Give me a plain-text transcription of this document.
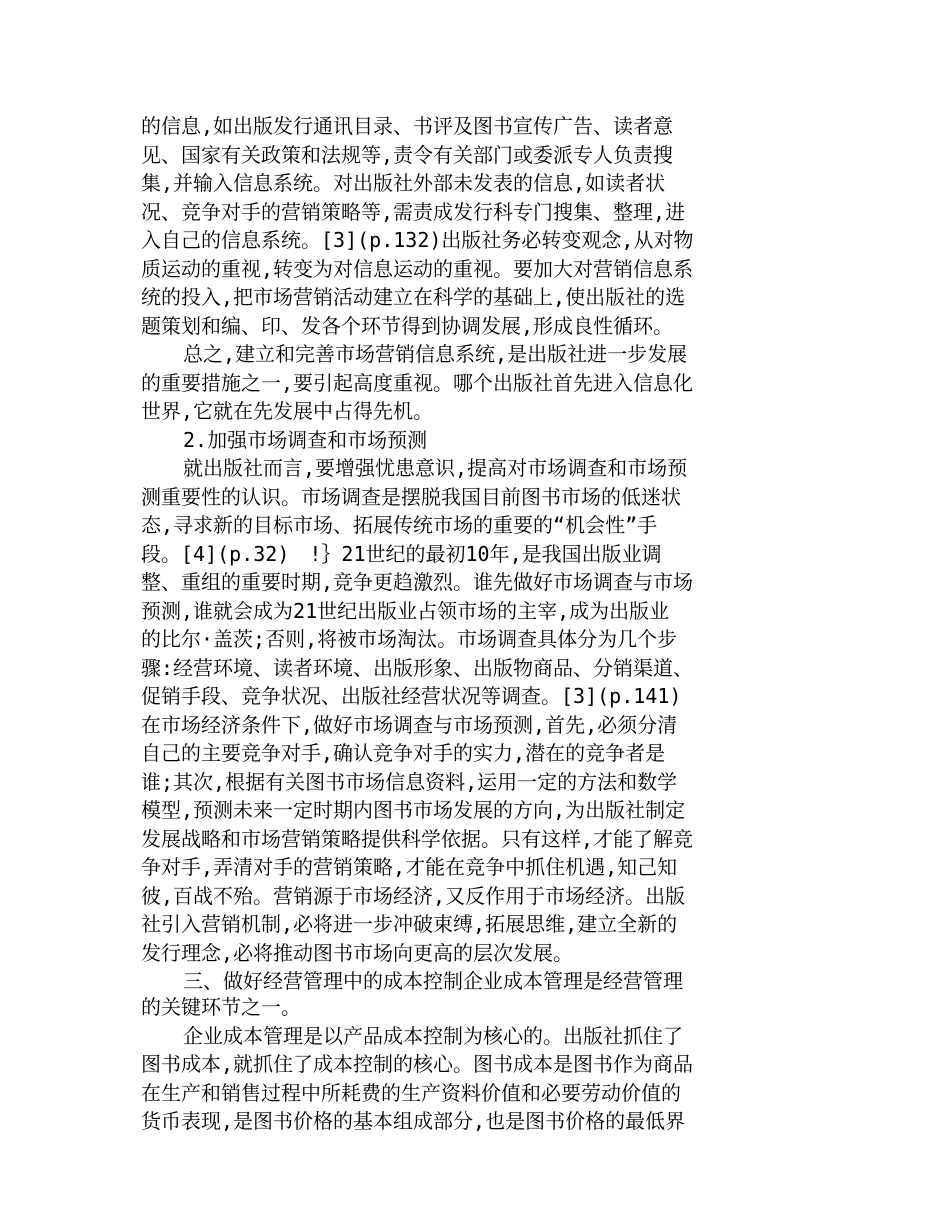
的信息,如出版发行通讯目录、书评及图书宣传广告、读者意
见、国家有关政策和法规等,责令有关部门或委派专人负责搜
集,并输入信息系统。对出版社外部未发表的信息,如读者状
况、竞争对手的营销策略等,需责成发行科专门搜集、整理,进
入自己的信息系统。[3](p.132)出版社务必转变观念,从对物
质运动的重视,转变为对信息运动的重视。要加大对营销信息系
统的投入,把市场营销活动建立在科学的基础上,使出版社的选
题策划和编、印、发各个环节得到协调发展,形成良性循环。
总之,建立和完善市场营销信息系统,是出版社进一步发展
的重要措施之一,要引起高度重视。哪个出版社首先进入信息化
世界,它就在先发展中占得先机。
2.加强市场调查和市场预测
就出版社而言,要增强忧患意识,提高对市场调查和市场预
测重要性的认识。市场调查是摆脱我国目前图书市场的低迷状
态,寻求新的目标市场、拓展传统市场的重要的“机会性”手
段。[4](p.32)　!｝21世纪的最初10年,是我国出版业调
整、重组的重要时期,竞争更趋激烈。谁先做好市场调查与市场
预测,谁就会成为21世纪出版业占领市场的主宰,成为出版业
的比尔·盖茨;否则,将被市场淘汰。市场调查具体分为几个步
骤:经营环境、读者环境、出版形象、出版物商品、分销渠道、
促销手段、竞争状况、出版社经营状况等调查。[3](p.141)
在市场经济条件下,做好市场调查与市场预测,首先,必须分清
自己的主要竞争对手,确认竞争对手的实力,潜在的竞争者是
谁;其次,根据有关图书市场信息资料,运用一定的方法和数学
模型,预测未来一定时期内图书市场发展的方向,为出版社制定
发展战略和市场营销策略提供科学依据。只有这样,才能了解竞
争对手,弄清对手的营销策略,才能在竞争中抓住机遇,知己知
彼,百战不殆。营销源于市场经济,又反作用于市场经济。出版
社引入营销机制,必将进一步冲破束缚,拓展思维,建立全新的
发行理念,必将推动图书市场向更高的层次发展。
三、做好经营管理中的成本控制企业成本管理是经营管理
的关键环节之一。
企业成本管理是以产品成本控制为核心的。出版社抓住了
图书成本,就抓住了成本控制的核心。图书成本是图书作为商品
在生产和销售过程中所耗费的生产资料价值和必要劳动价值的
货币表现,是图书价格的基本组成部分,也是图书价格的最低界
